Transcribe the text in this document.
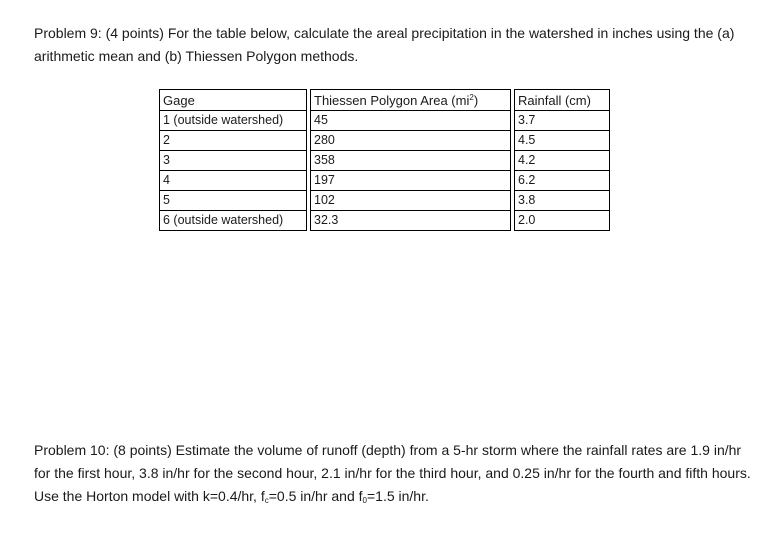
Problem 9: (4 points) For the table below, calculate the areal precipitation in the watershed in inches using the (a) arithmetic mean and (b) Thiessen Polygon methods.

Gage	Thiessen Polygon Area $(mi^2)$	Rainfall (cm)
1 (outside watershed)	45	3.7
2	280	4.5
3	358	4.2
4	197	6.2
5	102	3.8
6 (outside watershed)	32.3	2.0

Problem 10: (8 points) Estimate the volume of runoff (depth) from a 5-hr storm where the rainfall rates are 1.9 in/hr for the first hour, 3.8 in/hr for the second hour, 2.1 in/hr for the third hour, and 0.25 in/hr for the fourth and fifth hours. Use the Horton model with k=0.4/hr, $f_c=0.5$ in/hr and $f_0=1.5$ in/hr.
